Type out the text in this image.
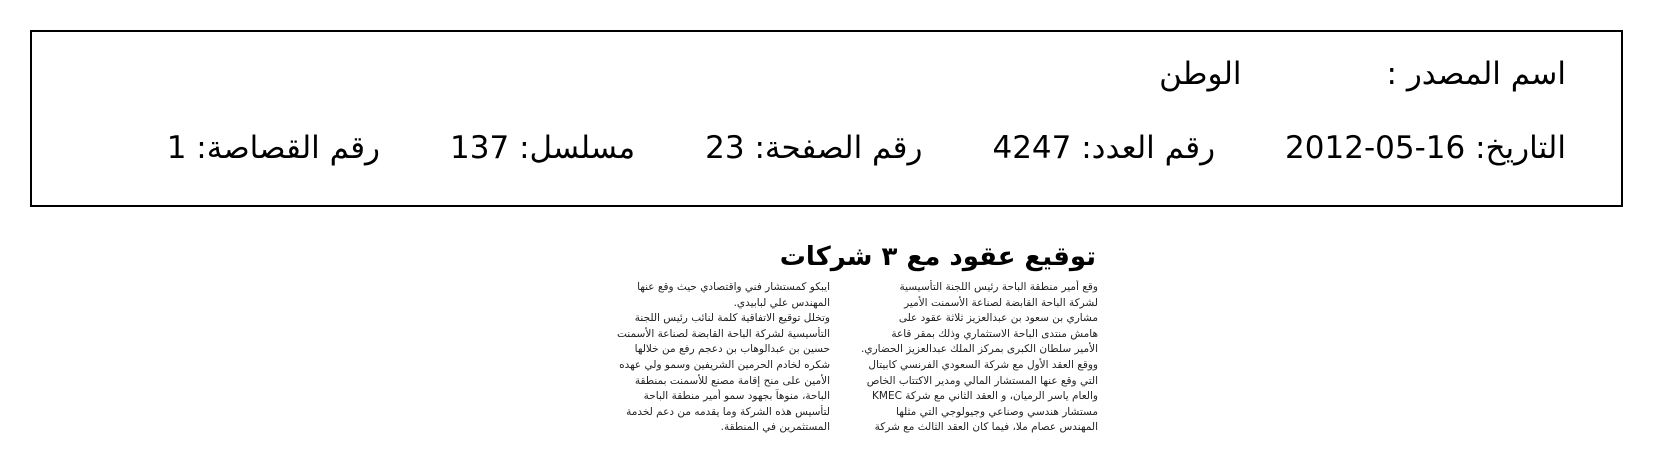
اسم المصدر :الوطن
التاريخ: 2012-05-16رقم العدد: 4247رقم الصفحة: 23مسلسل: 137رقم القصاصة: 1
توقيع عقود مع ٣ شركات
وقع أمير منطقة الباحة رئيس اللجنة التأسيسية
لشركة الباحة القابضة لصناعة الأسمنت الأمير
مشاري بن سعود بن عبدالعزيز ثلاثة عقود على
هامش منتدى الباحة الاستثماري وذلك بمقر قاعة
الأمير سلطان الكبرى بمركز الملك عبدالعزيز الحضاري.
ووقع العقد الأول مع شركة السعودي الفرنسي كابيتال
التي وقع عنها المستشار المالي ومدير الاكتتاب الخاص
والعام ياسر الرميان، و العقد الثاني مع شركة KMEC
مستشار هندسي وصناعي وجيولوجي التي مثلها
المهندس عصام ملا، فيما كان العقد الثالث مع شركة
ايبكو كمستشار فني واقتصادي حيث وقع عنها
المهندس علي لبابيدي.
وتخلل توقيع الاتفاقية كلمة لنائب رئيس اللجنة
التأسيسية لشركة الباحة القابضة لصناعة الأسمنت
حسين بن عبدالوهاب بن دعجم رفع من خلالها
شكره لخادم الحرمين الشريفين وسمو ولي عهده
الأمين على منح إقامة مصنع للأسمنت بمنطقة
الباحة، منوهاً بجهود سمو أمير منطقة الباحة
لتأسيس هذه الشركة وما يقدمه من دعم لخدمة
المستثمرين في المنطقة.
